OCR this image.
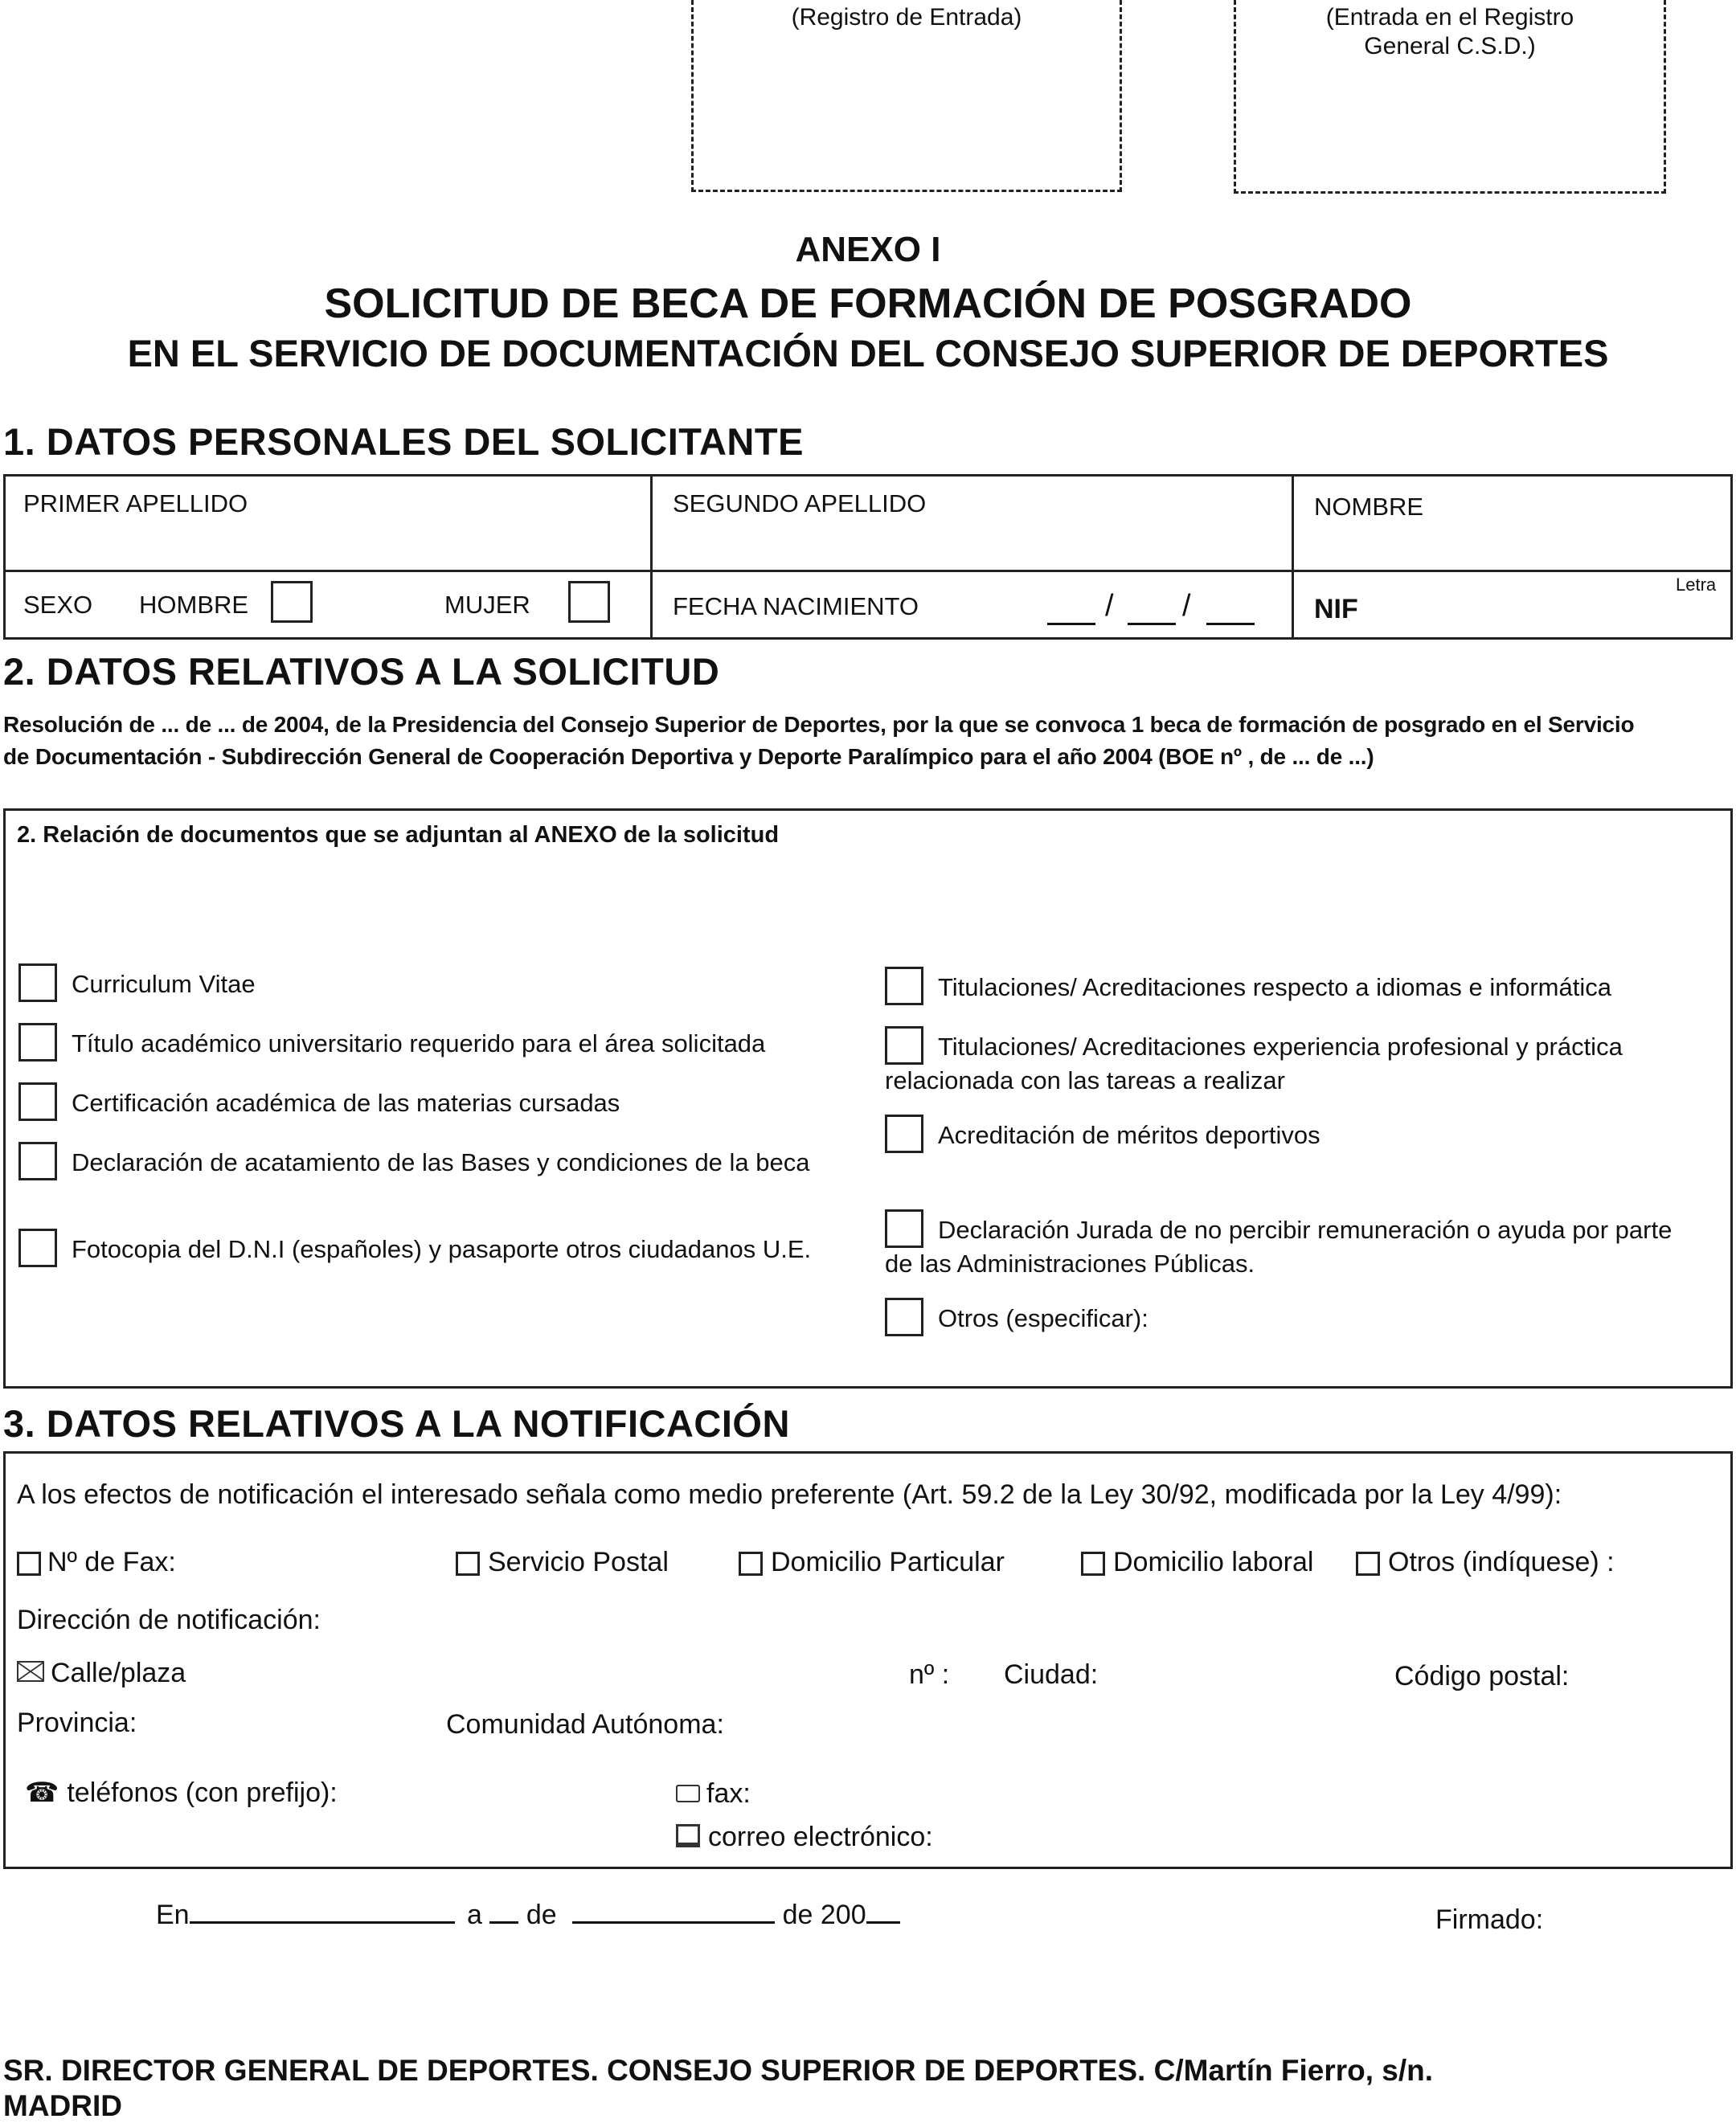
(Registro de Entrada)	(Entrada en el Registro General C.S.D.)
ANEXO I
SOLICITUD DE BECA DE FORMACIÓN DE POSGRADO
EN EL SERVICIO DE DOCUMENTACIÓN DEL CONSEJO SUPERIOR DE DEPORTES
1. DATOS PERSONALES DEL SOLICITANTE
PRIMER APELLIDO	SEGUNDO APELLIDO	NOMBRE
SEXO HOMBRE	MUJER	FECHA NACIMIENTO	/ /	NIF
Letra
2. DATOS RELATIVOS A LA SOLICITUD
Resolución de ... de ... de 2004, de la Presidencia del Consejo Superior de Deportes, por la que se convoca 1 beca de formación de posgrado en el Servicio de Documentación - Subdirección General de Cooperación Deportiva y Deporte Paralímpico para el año 2004 (BOE nº , de ... de ...)
2. Relación de documentos que se adjuntan al ANEXO de la solicitud
Curriculum Vitae
Título académico universitario requerido para el área solicitada
Certificación académica de las materias cursadas
Declaración de acatamiento de las Bases y condiciones de la beca
Fotocopia del D.N.I (españoles) y pasaporte otros ciudadanos U.E.
Titulaciones/ Acreditaciones respecto a idiomas e informática
Titulaciones/ Acreditaciones experiencia profesional y práctica relacionada con las tareas a realizar
Acreditación de méritos deportivos
Declaración Jurada de no percibir remuneración o ayuda por parte de las Administraciones Públicas.
Otros (especificar):
3. DATOS RELATIVOS A LA NOTIFICACIÓN
A los efectos de notificación el interesado señala como medio preferente (Art. 59.2 de la Ley 30/92, modificada por la Ley 4/99):
Nº de Fax:	Servicio Postal	Domicilio Particular	Domicilio laboral	Otros (indíquese) :
Dirección de notificación:
Calle/plaza	nº : Ciudad:	Código postal:
Provincia:	Comunidad Autónoma:
☎ teléfonos (con prefijo):	fax:
correo electrónico:
En	a de	de 200	Firmado:
SR. DIRECTOR GENERAL DE DEPORTES. CONSEJO SUPERIOR DE DEPORTES. C/Martín Fierro, s/n.
MADRID
